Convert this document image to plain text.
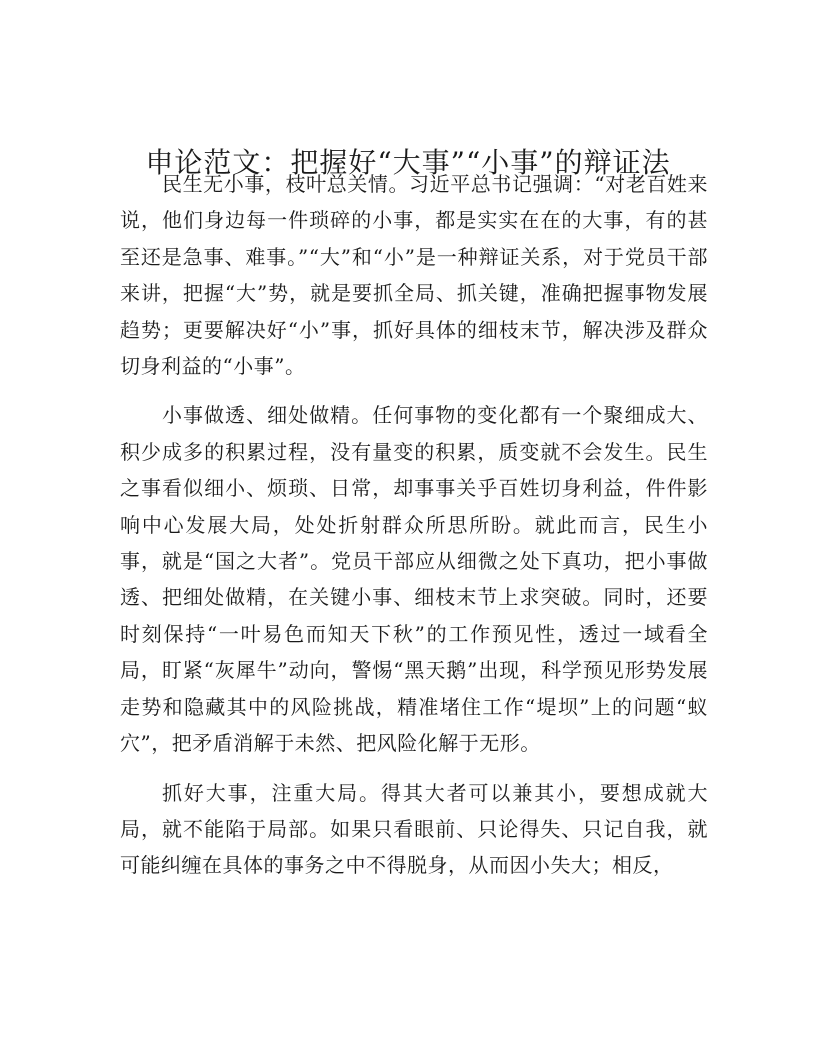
申论范文：把握好“大事”“小事”的辩证法

民生无小事，枝叶总关情。习近平总书记强调：“对老百姓来说，他们身边每一件琐碎的小事，都是实实在在的大事，有的甚至还是急事、难事。”“大”和“小”是一种辩证关系，对于党员干部来讲，把握“大”势，就是要抓全局、抓关键，准确把握事物发展趋势；更要解决好“小”事，抓好具体的细枝末节，解决涉及群众切身利益的“小事”。

小事做透、细处做精。任何事物的变化都有一个聚细成大、积少成多的积累过程，没有量变的积累，质变就不会发生。民生之事看似细小、烦琐、日常，却事事关乎百姓切身利益，件件影响中心发展大局，处处折射群众所思所盼。就此而言，民生小事，就是“国之大者”。党员干部应从细微之处下真功，把小事做透、把细处做精，在关键小事、细枝末节上求突破。同时，还要时刻保持“一叶易色而知天下秋”的工作预见性，透过一域看全局，盯紧“灰犀牛”动向，警惕“黑天鹅”出现，科学预见形势发展走势和隐藏其中的风险挑战，精准堵住工作“堤坝”上的问题“蚁穴”，把矛盾消解于未然、把风险化解于无形。

抓好大事，注重大局。得其大者可以兼其小，要想成就大局，就不能陷于局部。如果只看眼前、只论得失、只记自我，就可能纠缠在具体的事务之中不得脱身，从而因小失大；相反，
